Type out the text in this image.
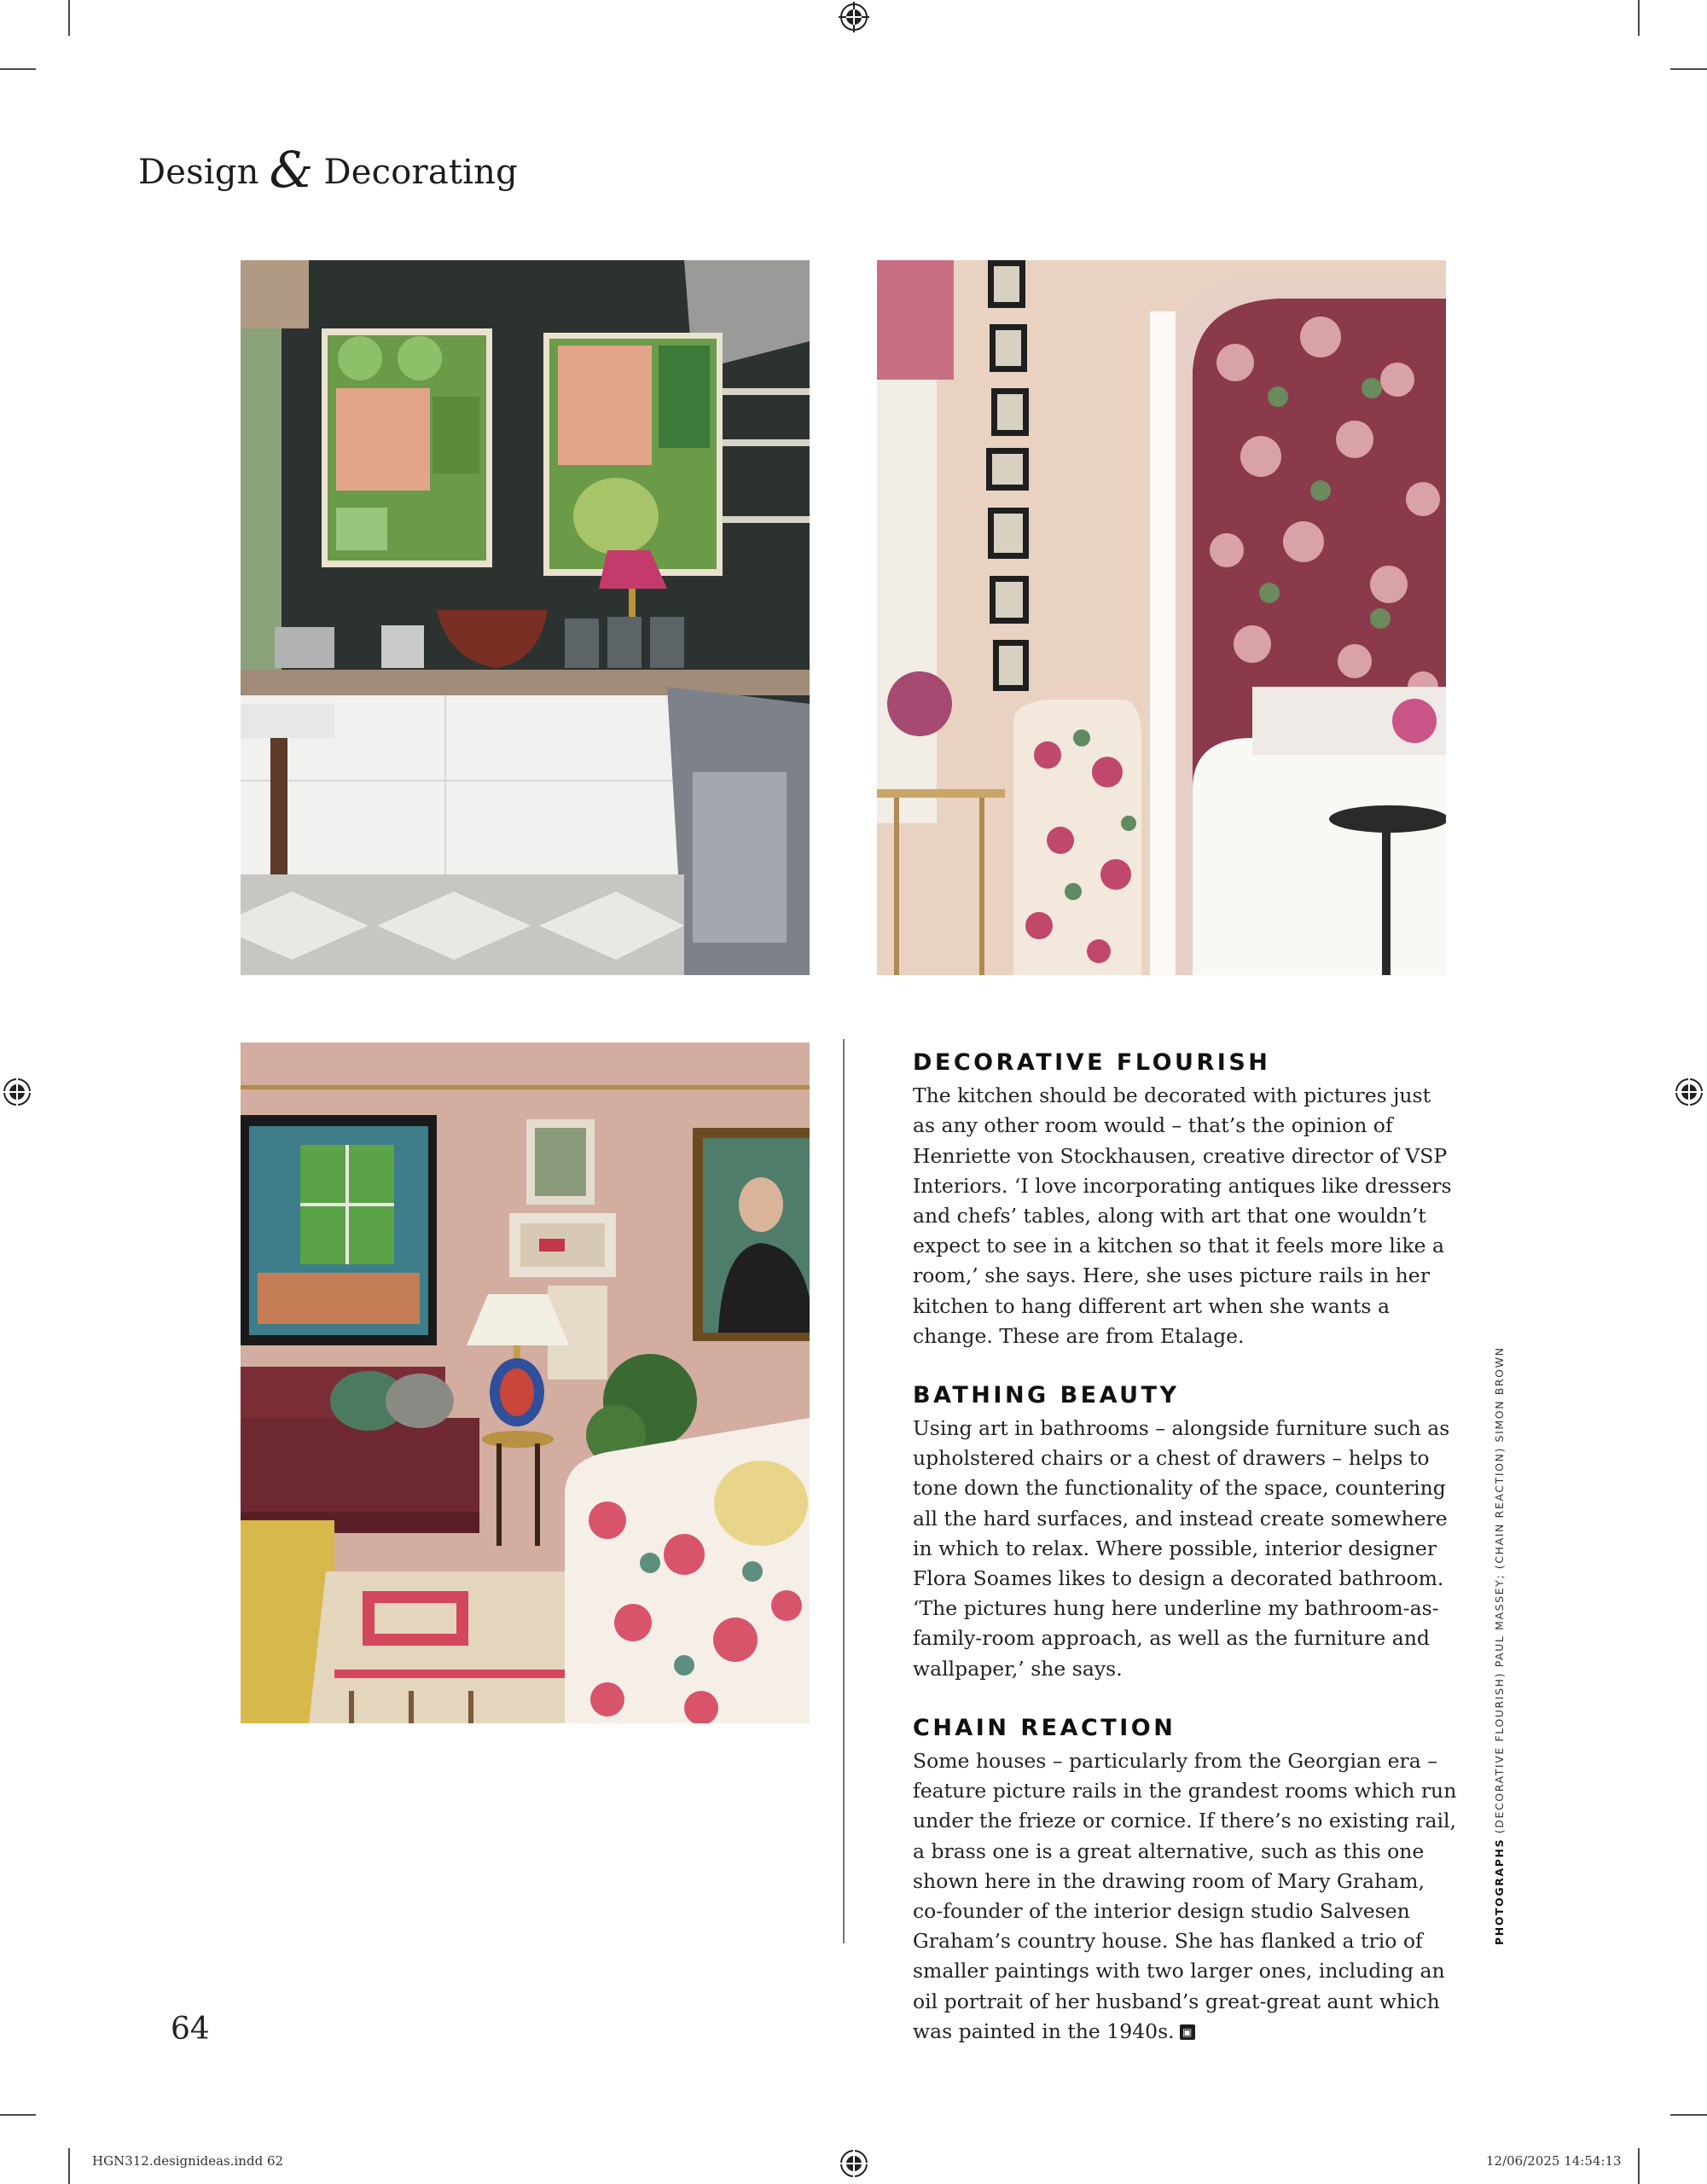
Design & Decorating
DECORATIVE FLOURISH

The kitchen should be decorated with pictures just as any other room would – that’s the opinion of Henriette von Stockhausen, creative director of VSP Interiors. ‘I love incorporating antiques like dressers and chefs’ tables, along with art that one wouldn’t expect to see in a kitchen so that it feels more like a room,’ she says. Here, she uses picture rails in her kitchen to hang different art when she wants a change. These are from Etalage.

BATHING BEAUTY

Using art in bathrooms – alongside furniture such as upholstered chairs or a chest of drawers – helps to tone down the functionality of the space, countering all the hard surfaces, and instead create somewhere in which to relax. Where possible, interior designer Flora Soames likes to design a decorated bathroom. ‘The pictures hung here underline my bathroom-as-family-room approach, as well as the furniture and wallpaper,’ she says.

CHAIN REACTION

Some houses – particularly from the Georgian era – feature picture rails in the grandest rooms which run under the frieze or cornice. If there’s no existing rail, a brass one is a great alternative, such as this one shown here in the drawing room of Mary Graham, co-founder of the interior design studio Salvesen Graham’s country house. She has flanked a trio of smaller paintings with two larger ones, including an oil portrait of her husband’s great-great aunt which was painted in the 1940s. ▣

PHOTOGRAPHS (DECORATIVE FLOURISH) PAUL MASSEY; (CHAIN REACTION) SIMON BROWN
64
HGN312.designideas.indd 62	12/06/2025 14:54:13
